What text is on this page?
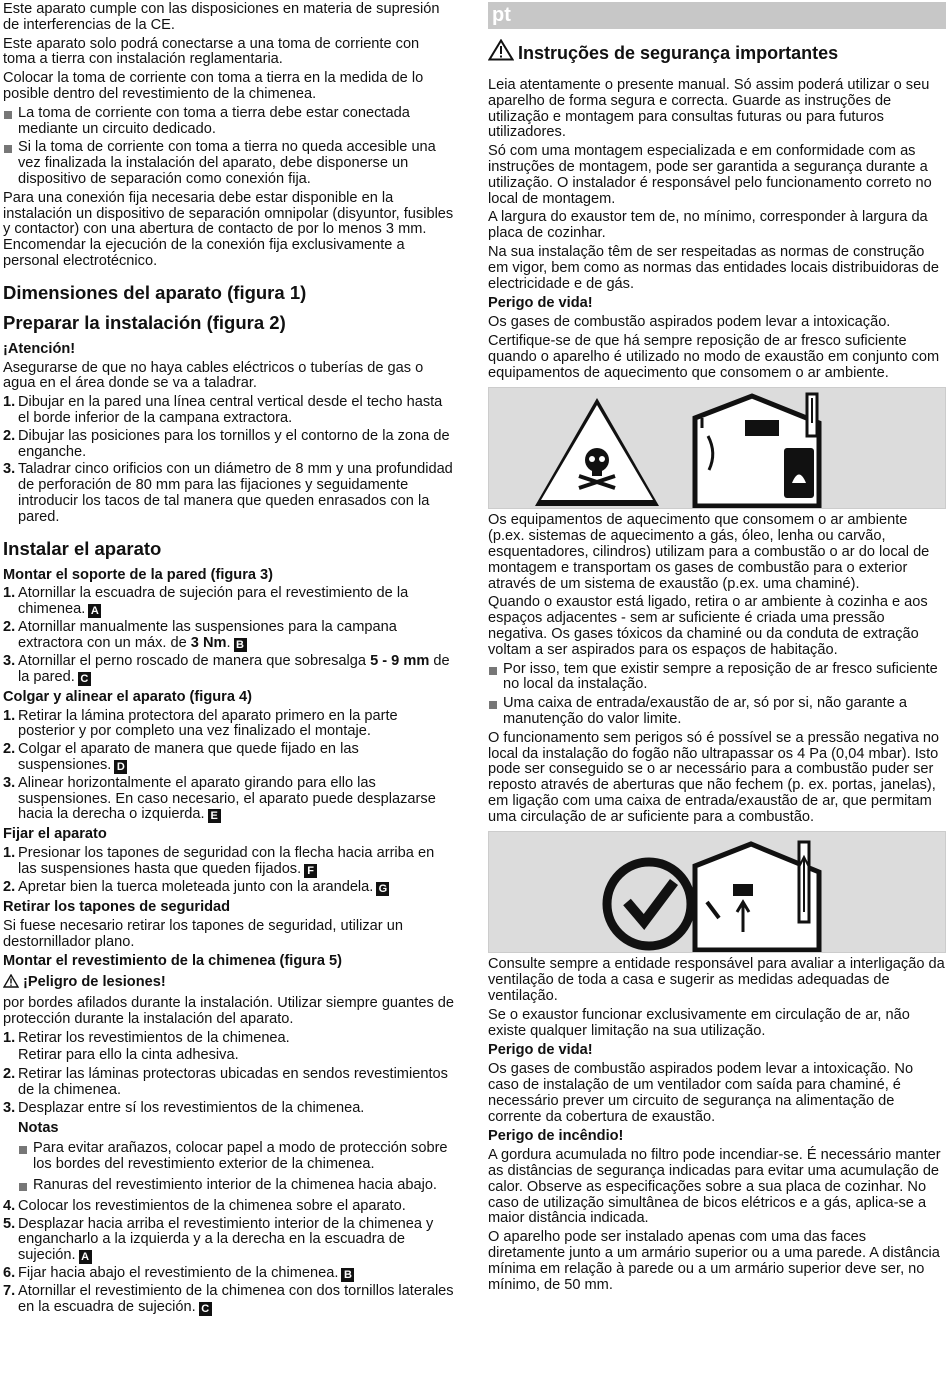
Este aparato cumple con las disposiciones en materia de supresión de interferencias de la CE.

Este aparato solo podrá conectarse a una toma de corriente con toma a tierra con instalación reglamentaria.

Colocar la toma de corriente con toma a tierra en la medida de lo posible dentro del revestimiento de la chimenea.

La toma de corriente con toma a tierra debe estar conectada mediante un circuito dedicado.
Si la toma de corriente con toma a tierra no queda accesible una vez finalizada la instalación del aparato, debe disponerse un dispositivo de separación como conexión fija.

Para una conexión fija necesaria debe estar disponible en la instalación un dispositivo de separación omnipolar (disyuntor, fusibles y contactor) con una abertura de contacto de por lo menos 3 mm. Encomendar la ejecución de la conexión fija exclusivamente a personal electrotécnico.

Dimensiones del aparato (figura 1)
Preparar la instalación (figura 2)
¡Atención!

Asegurarse de que no haya cables eléctricos o tuberías de gas o agua en el área donde se va a taladrar.

1. Dibujar en la pared una línea central vertical desde el techo hasta el borde inferior de la campana extractora.
2. Dibujar las posiciones para los tornillos y el contorno de la zona de enganche.
3. Taladrar cinco orificios con un diámetro de 8 mm y una profundidad de perforación de 80 mm para las fijaciones y seguidamente introducir los tacos de tal manera que queden enrasados con la pared.
Instalar el aparato
Montar el soporte de la pared (figura 3)
1. Atornillar la escuadra de sujeción para el revestimiento de la chimenea. A
2. Atornillar manualmente las suspensiones para la campana extractora con un máx. de 3 Nm. B
3. Atornillar el perno roscado de manera que sobresalga 5 - 9 mm de la pared. C
Colgar y alinear el aparato (figura 4)
1. Retirar la lámina protectora del aparato primero en la parte posterior y por completo una vez finalizado el montaje.
2. Colgar el aparato de manera que quede fijado en las suspensiones. D
3. Alinear horizontalmente el aparato girando para ello las suspensiones. En caso necesario, el aparato puede desplazarse hacia la derecha o izquierda. E
Fijar el aparato
1. Presionar los tapones de seguridad con la flecha hacia arriba en las suspensiones hasta que queden fijados. F
2. Apretar bien la tuerca moleteada junto con la arandela. G
Retirar los tapones de seguridad

Si fuese necesario retirar los tapones de seguridad, utilizar un destornillador plano.

Montar el revestimiento de la chimenea (figura 5)
¡Peligro de lesiones!

por bordes afilados durante la instalación. Utilizar siempre guantes de protección durante la instalación del aparato.

1. Retirar los revestimientos de la chimenea.
Retirar para ello la cinta adhesiva.
2. Retirar las láminas protectoras ubicadas en sendos revestimientos de la chimenea.
3. Desplazar entre sí los revestimientos de la chimenea.
Notas
Para evitar arañazos, colocar papel a modo de protección sobre los bordes del revestimiento exterior de la chimenea.
Ranuras del revestimiento interior de la chimenea hacia abajo.
4. Colocar los revestimientos de la chimenea sobre el aparato.
5. Desplazar hacia arriba el revestimiento interior de la chimenea y engancharlo a la izquierda y a la derecha en la escuadra de sujeción. A
6. Fijar hacia abajo el revestimiento de la chimenea. B
7. Atornillar el revestimiento de la chimenea con dos tornillos laterales en la escuadra de sujeción. C
pt
Instruções de segurança importantes

Leia atentamente o presente manual. Só assim poderá utilizar o seu aparelho de forma segura e correcta. Guarde as instruções de utilização e montagem para consultas futuras ou para futuros utilizadores.

Só com uma montagem especializada e em conformidade com as instruções de montagem, pode ser garantida a segurança durante a utilização. O instalador é responsável pelo funcionamento correto no local de montagem.

A largura do exaustor tem de, no mínimo, corresponder à largura da placa de cozinhar.

Na sua instalação têm de ser respeitadas as normas de construção em vigor, bem como as normas das entidades locais distribuidoras de electricidade e de gás.

Perigo de vida!

Os gases de combustão aspirados podem levar a intoxicação.

Certifique-se de que há sempre reposição de ar fresco suficiente quando o aparelho é utilizado no modo de exaustão em conjunto com equipamentos de aquecimento que consomem o ar ambiente.

Os equipamentos de aquecimento que consomem o ar ambiente (p.ex. sistemas de aquecimento a gás, óleo, lenha ou carvão, esquentadores, cilindros) utilizam para a combustão o ar do local de montagem e transportam os gases de combustão para o exterior através de um sistema de exaustão (p.ex. uma chaminé).

Quando o exaustor está ligado, retira o ar ambiente à cozinha e aos espaços adjacentes - sem ar suficiente é criada uma pressão negativa. Os gases tóxicos da chaminé ou da conduta de extração voltam a ser aspirados para os espaços de habitação.

Por isso, tem que existir sempre a reposição de ar fresco suficiente no local da instalação.
Uma caixa de entrada/exaustão de ar, só por si, não garante a manutenção do valor limite.

O funcionamento sem perigos só é possível se a pressão negativa no local da instalação do fogão não ultrapassar os 4 Pa (0,04 mbar). Isto pode ser conseguido se o ar necessário para a combustão puder ser reposto através de aberturas que não fechem (p. ex. portas, janelas), em ligação com uma caixa de entrada/exaustão de ar, que permitam uma circulação de ar suficiente para a combustão.

Consulte sempre a entidade responsável para avaliar a interligação da ventilação de toda a casa e sugerir as medidas adequadas de ventilação.

Se o exaustor funcionar exclusivamente em circulação de ar, não existe qualquer limitação na sua utilização.

Perigo de vida!

Os gases de combustão aspirados podem levar a intoxicação. No caso de instalação de um ventilador com saída para chaminé, é necessário prever um circuito de segurança na alimentação de corrente da cobertura de exaustão.

Perigo de incêndio!

A gordura acumulada no filtro pode incendiar-se. É necessário manter as distâncias de segurança indicadas para evitar uma acumulação de calor. Observe as especificações sobre a sua placa de cozinhar. No caso de utilização simultânea de bicos elétricos e a gás, aplica-se a maior distância indicada.

O aparelho pode ser instalado apenas com uma das faces diretamente junto a um armário superior ou a uma parede. A distância mínima em relação à parede ou a um armário superior deve ser, no mínimo, de 50 mm.
